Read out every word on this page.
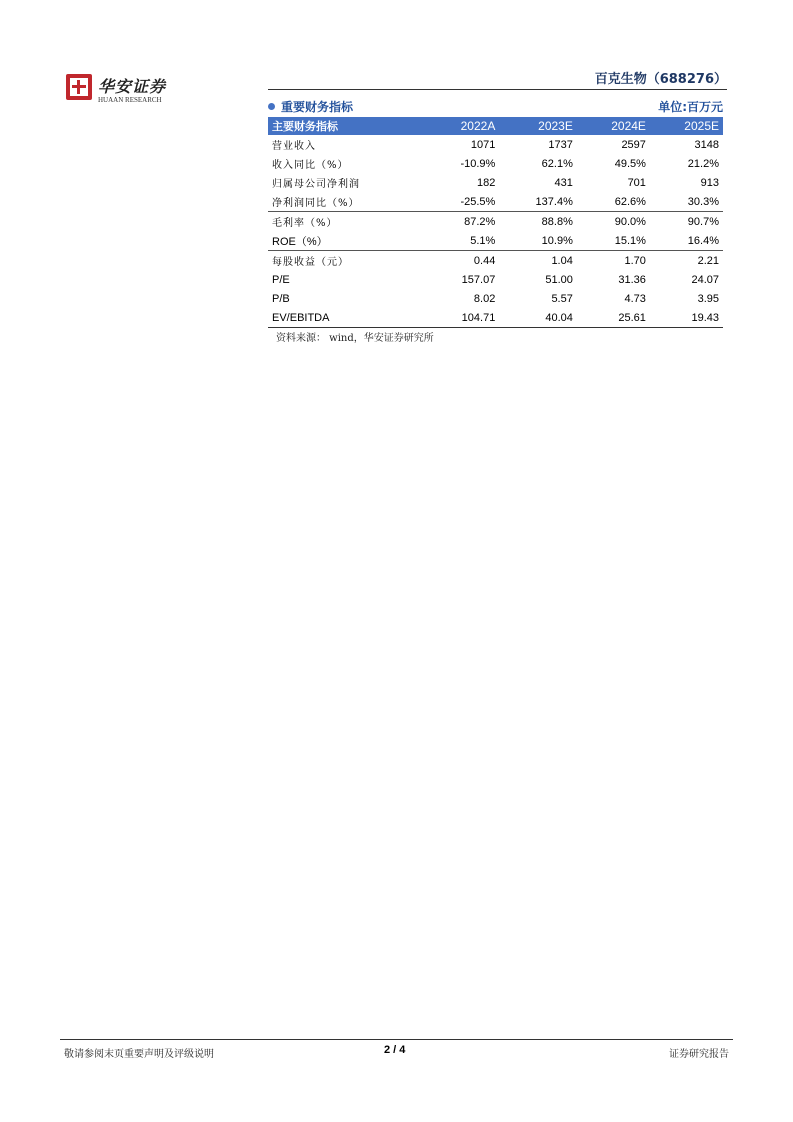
华安证券
HUAAN RESEARCH
百克生物（688276）
重要财务指标	单位:百万元
主要财务指标	2022A	2023E	2024E	2025E
营业收入	1071	1737	2597	3148
收入同比（%）	-10.9%	62.1%	49.5%	21.2%
归属母公司净利润	182	431	701	913
净利润同比（%）	-25.5%	137.4%	62.6%	30.3%
毛利率（%）	87.2%	88.8%	90.0%	90.7%
ROE（%）	5.1%	10.9%	15.1%	16.4%
每股收益（元）	0.44	1.04	1.70	2.21
P/E	157.07	51.00	31.36	24.07
P/B	8.02	5.57	4.73	3.95
EV/EBITDA	104.71	40.04	25.61	19.43
资料来源： wind，华安证券研究所
敬请参阅末页重要声明及评级说明	2 / 4	证券研究报告
